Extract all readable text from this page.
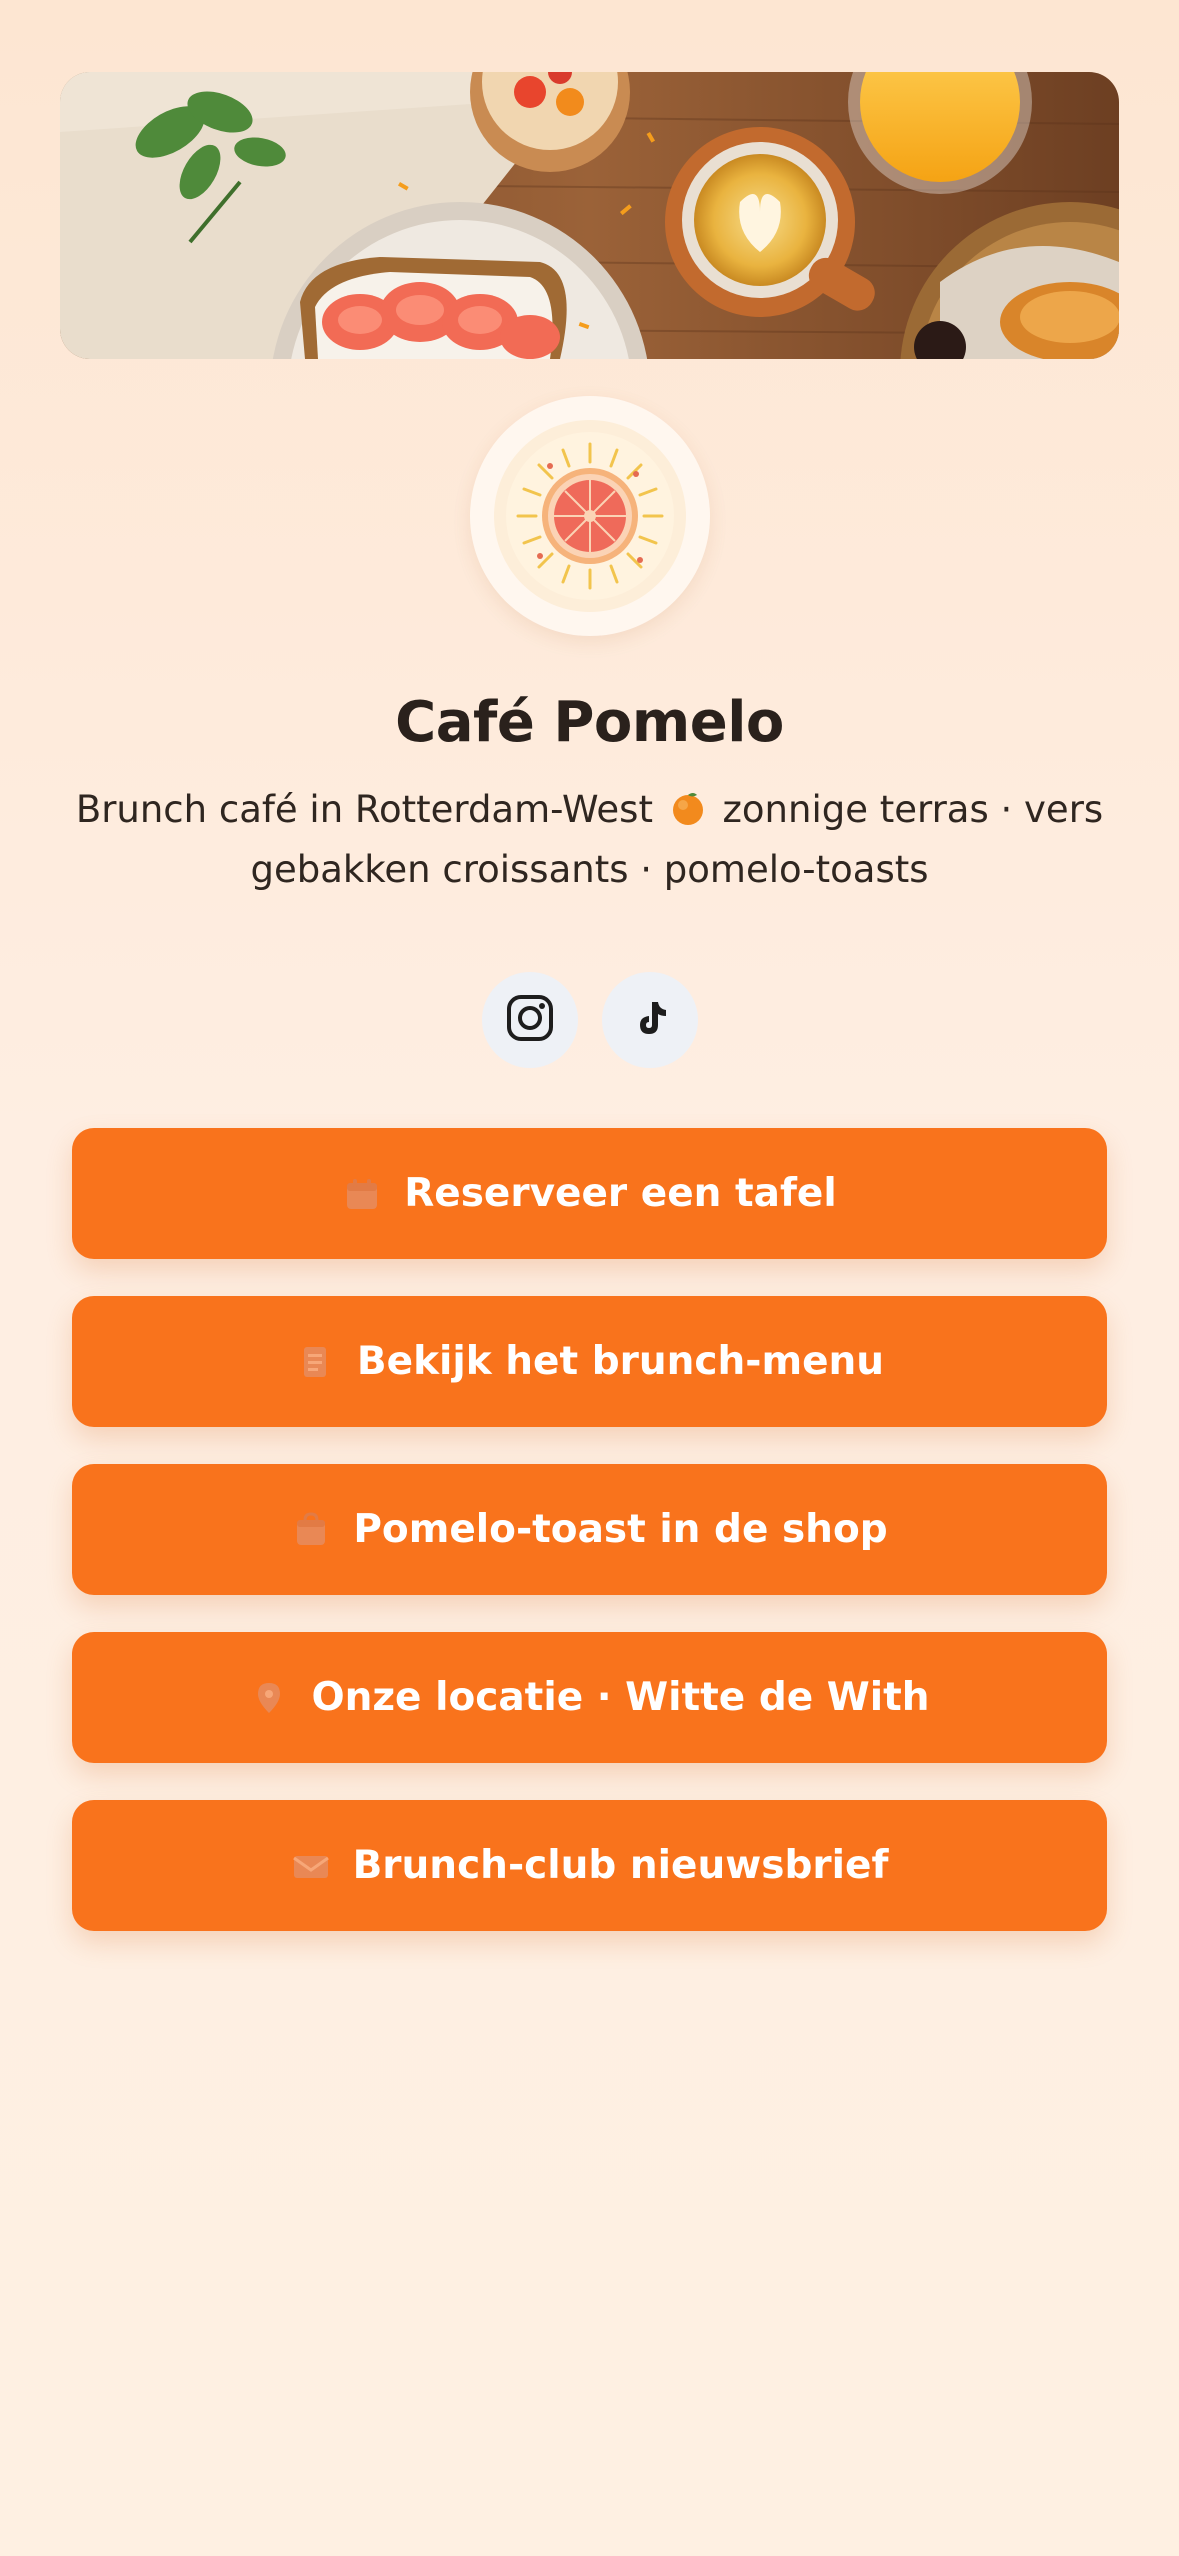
Café Pomelo

Brunch café in Rotterdam-West zonnige terras · vers
gebakken croissants · pomelo-toasts

Reserveer een tafel
Bekijk het brunch-menu
Pomelo-toast in de shop
Onze locatie · Witte de With
Brunch-club nieuwsbrief
